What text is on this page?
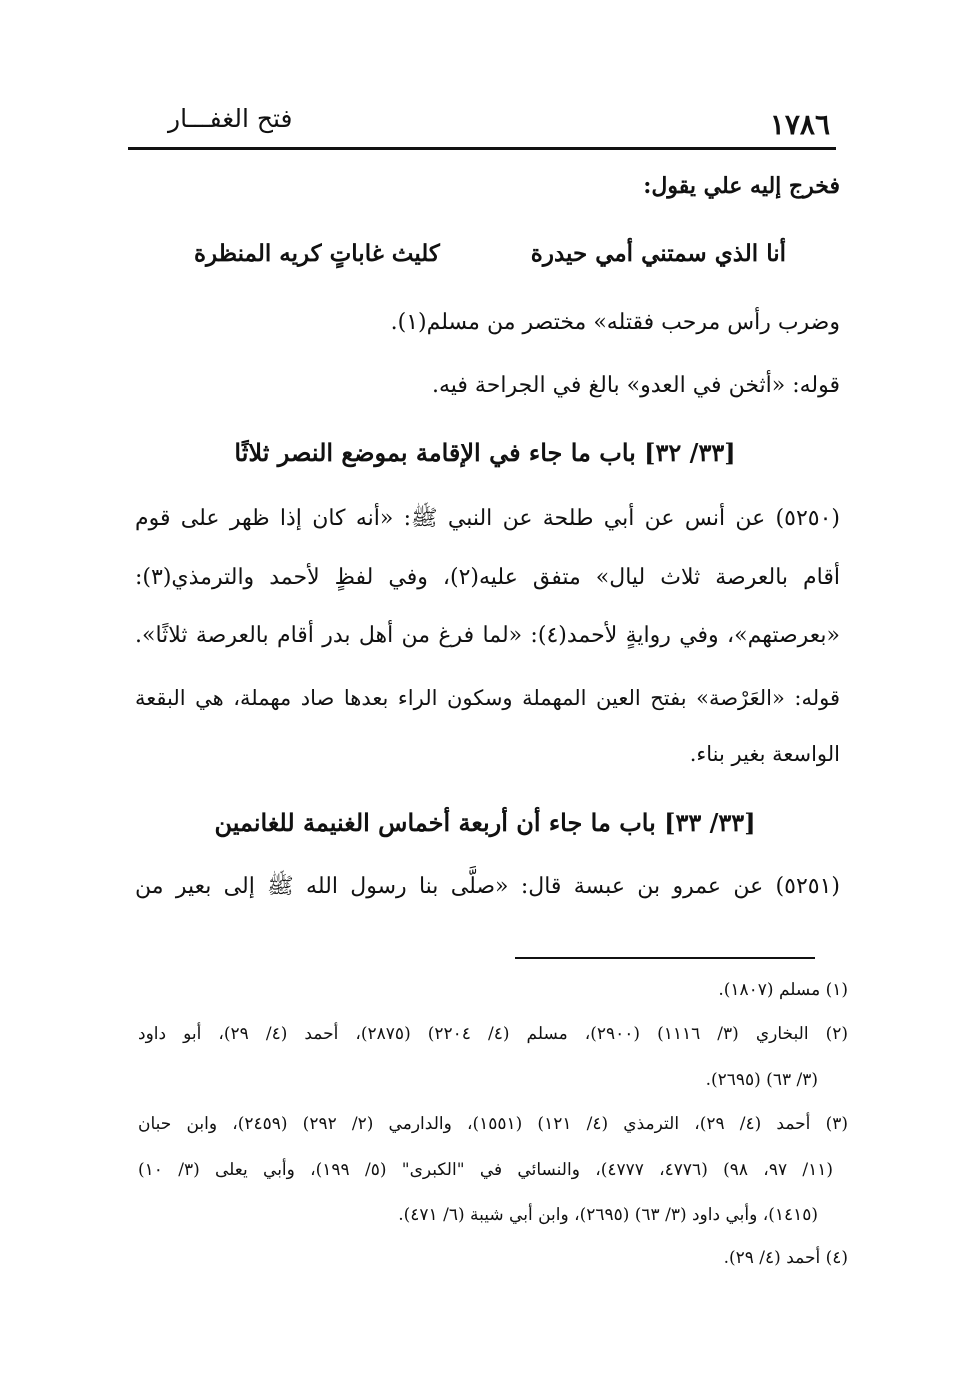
فتح الغفـــار	١٧٨٦
فخرج إليه علي يقول:
أنا الذي سمتني أمي حيدرة
كليث غاباتٍ كريه المنظرة
وضرب رأس مرحب فقتله» مختصر من مسلم(١).
قوله: «أثخن في العدو» بالغ في الجراحة فيه.
[٣٣/ ٣٢] باب ما جاء في الإقامة بموضع النصر ثلاثًا
(٥٢٥٠) عن أنس عن أبي طلحة عن النبي ﷺ: «أنه كان إذا ظهر على قوم
أقام بالعرصة ثلاث ليال» متفق عليه(٢)، وفي لفظٍ لأحمد والترمذي(٣):
«بعرصتهم»، وفي روايةٍ لأحمد(٤): «لما فرغ من أهل بدر أقام بالعرصة ثلاثًا».
قوله: «العَرْصة» بفتح العين المهملة وسكون الراء بعدها صاد مهملة، هي البقعة
الواسعة بغير بناء.
[٣٣/ ٣٣] باب ما جاء أن أربعة أخماس الغنيمة للغانمين
(٥٢٥١) عن عمرو بن عبسة قال: «صلَّى بنا رسول الله ﷺ إلى بعير من
(١) مسلم (١٨٠٧).
(٢) البخاري (٣/ ١١١٦) (٢٩٠٠)، مسلم (٤/ ٢٢٠٤) (٢٨٧٥)، أحمد (٤/ ٢٩)، أبو داود
(٣/ ٦٣) (٢٦٩٥).
(٣) أحمد (٤/ ٢٩)، الترمذي (٤/ ١٢١) (١٥٥١)، والدارمي (٢/ ٢٩٢) (٢٤٥٩)، وابن حبان
(١١/ ٩٧، ٩٨) (٤٧٧٦، ٤٧٧٧)، والنسائي في "الكبرى" (٥/ ١٩٩)، وأبي يعلى (٣/ ١٠)
(١٤١٥)، وأبي داود (٣/ ٦٣) (٢٦٩٥)، وابن أبي شيبة (٦/ ٤٧١).
(٤) أحمد (٤/ ٢٩).
